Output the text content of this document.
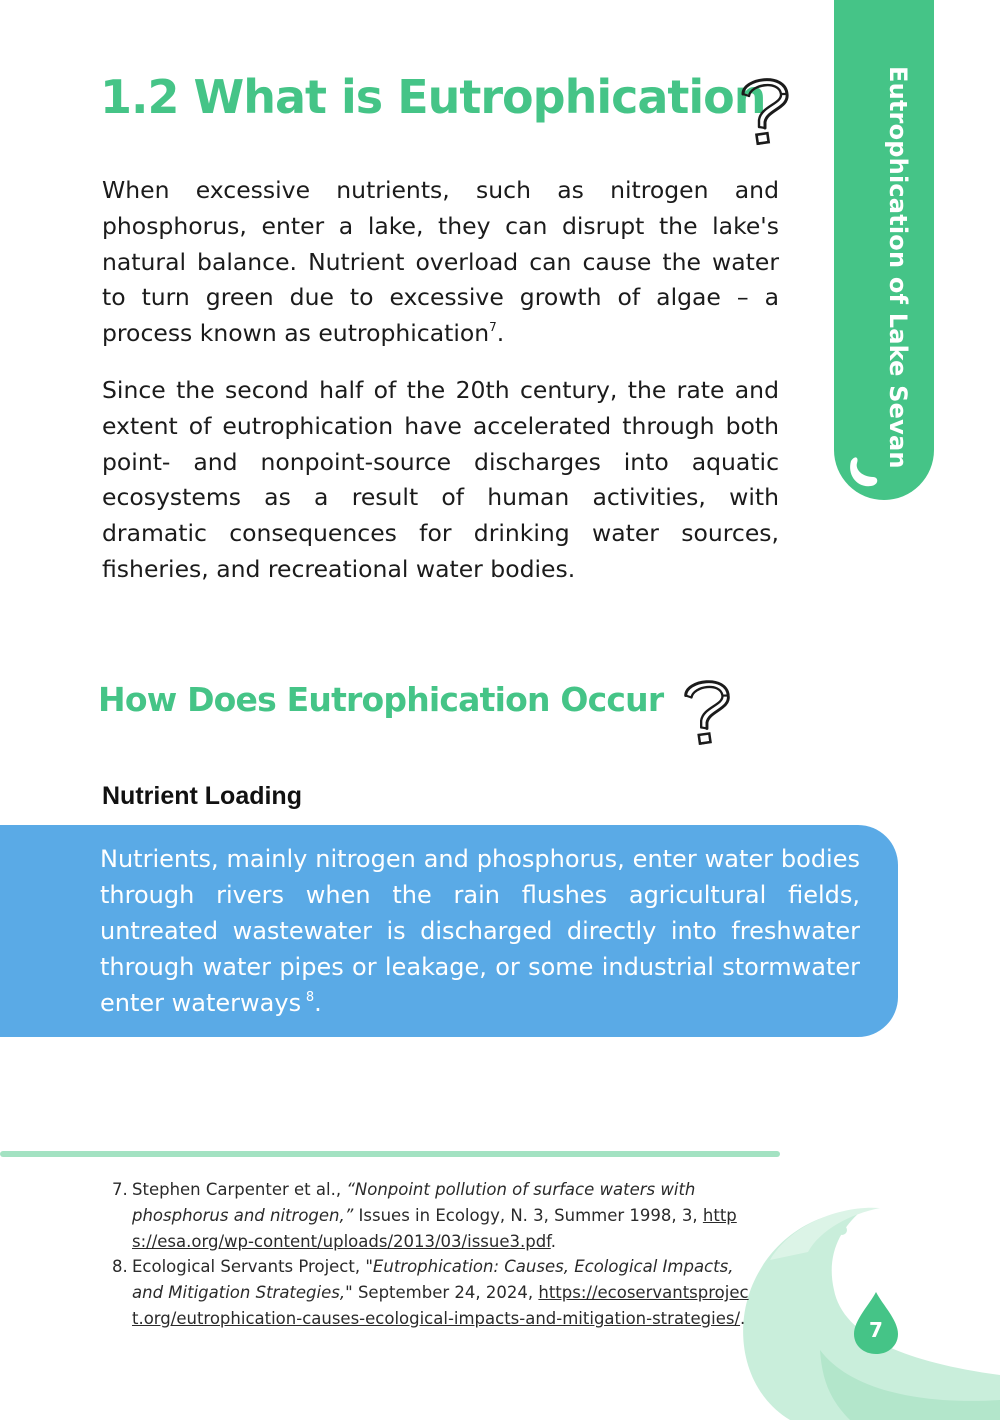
Eutrophication of Lake Sevan
1.2 What is Eutrophication

When excessive nutrients, such as nitrogen and phosphorus, enter a lake, they can disrupt the lake's natural balance. Nutrient overload can cause the water to turn green due to excessive growth of algae – a process known as eutrophication$^7$.

Since the second half of the 20th century, the rate and extent of eutrophication have accelerated through both point- and nonpoint-source discharges into aquatic ecosystems as a result of human activities, with dramatic consequences for drinking water sources, fisheries, and recreational water bodies.

How Does Eutrophication Occur
Nutrient Loading

Nutrients, mainly nitrogen and phosphorus, enter water bodies through rivers when the rain flushes agricultural fields, untreated wastewater is discharged directly into freshwater through water pipes or leakage, or some industrial stormwater enter waterways  $^8$.

7
7. Stephen Carpenter et al., “Nonpoint pollution of surface waters with phosphorus and nitrogen,” Issues in Ecology, N. 3, Summer 1998, 3, https://esa.org/wp-content/uploads/2013/03/issue3.pdf.
8. Ecological Servants Project, "Eutrophication: Causes, Ecological Impacts, and Mitigation Strategies," September 24, 2024, https://ecoservantsproject.org/eutrophication-causes-ecological-impacts-and-mitigation-strategies/.
